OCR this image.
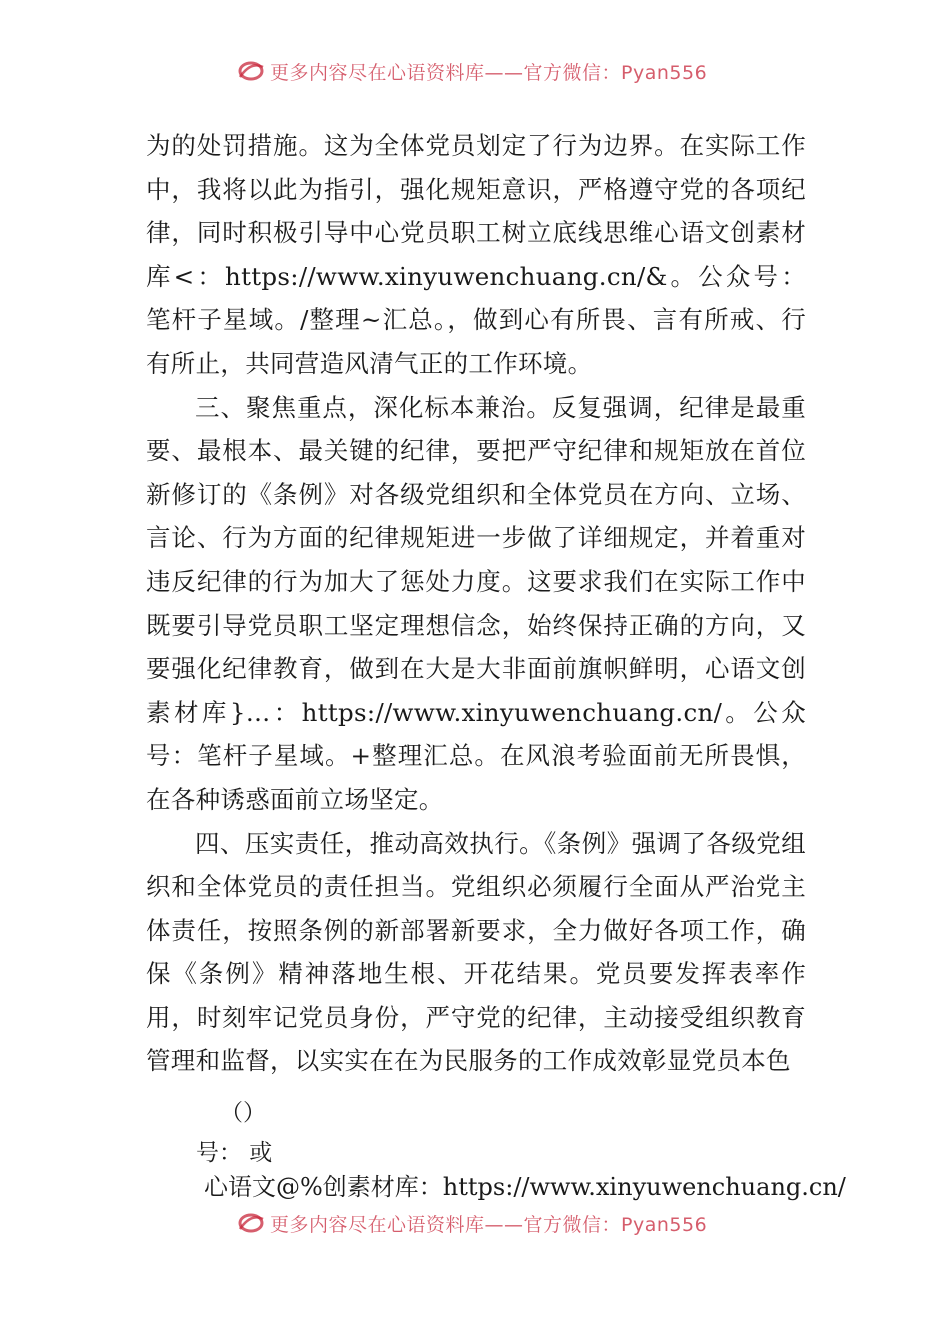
更多内容尽在心语资料库——官方微信：Pyan556

为的处罚措施。这为全体党员划定了行为边界。在实际工作中，我将以此为指引，强化规矩意识，严格遵守党的各项纪律，同时积极引导中心党员职工树立底线思维心语文创素材库<：https://www.xinyuwenchuang.cn/&。公众号：笔杆子星域。/整理~汇总。，做到心有所畏、言有所戒、行有所止，共同营造风清气正的工作环境。

三、聚焦重点，深化标本兼治。反复强调，纪律是最重要、最根本、最关键的纪律，要把严守纪律和规矩放在首位新修订的《条例》对各级党组织和全体党员在方向、立场、言论、行为方面的纪律规矩进一步做了详细规定，并着重对违反纪律的行为加大了惩处力度。这要求我们在实际工作中既要引导党员职工坚定理想信念，始终保持正确的方向，又要强化纪律教育，做到在大是大非面前旗帜鲜明，心语文创素材库}…：https://www.xinyuwenchuang.cn/。公众号：笔杆子星域。+整理汇总。在风浪考验面前无所畏惧，在各种诱惑面前立场坚定。

四、压实责任，推动高效执行。《条例》强调了各级党组织和全体党员的责任担当。党组织必须履行全面从严治党主体责任，按照条例的新部署新要求，全力做好各项工作，确保《条例》精神落地生根、开花结果。党员要发挥表率作用，时刻牢记党员身份，严守党的纪律，主动接受组织教育管理和监督，以实实在在为民服务的工作成效彰显党员本色

（）
号： 或
心语文@%创素材库：https://www.xinyuwenchuang.cn/
更多内容尽在心语资料库——官方微信：Pyan556
